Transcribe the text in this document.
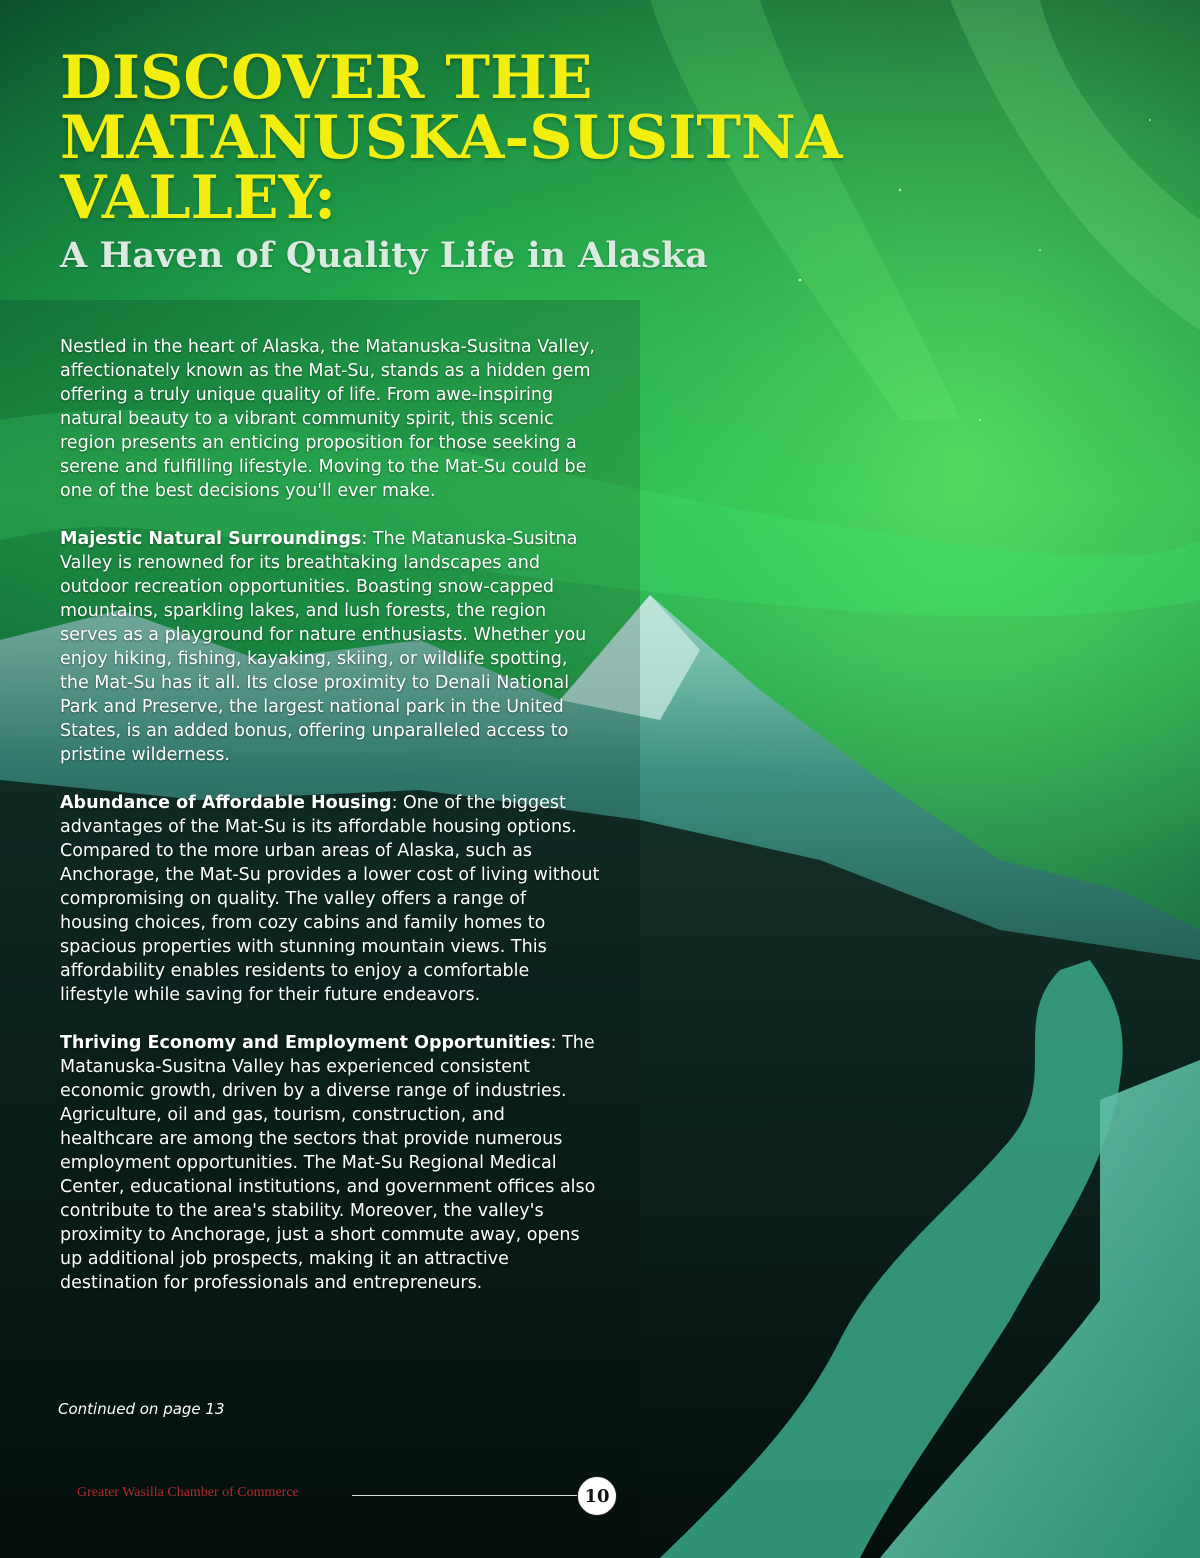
DISCOVER THE
MATANUSKA-SUSITNA
VALLEY:
A Haven of Quality Life in Alaska

Nestled in the heart of Alaska, the Matanuska-Susitna Valley, affectionately known as the Mat-Su, stands as a hidden gem offering a truly unique quality of life. From awe-inspiring natural beauty to a vibrant community spirit, this scenic region presents an enticing proposition for those seeking a serene and fulfilling lifestyle. Moving to the Mat-Su could be one of the best decisions you'll ever make.

Majestic Natural Surroundings: The Matanuska-Susitna Valley is renowned for its breathtaking landscapes and outdoor recreation opportunities. Boasting snow-capped mountains, sparkling lakes, and lush forests, the region serves as a playground for nature enthusiasts. Whether you enjoy hiking, fishing, kayaking, skiing, or wildlife spotting, the Mat-Su has it all. Its close proximity to Denali National Park and Preserve, the largest national park in the United States, is an added bonus, offering unparalleled access to pristine wilderness.

Abundance of Affordable Housing: One of the biggest advantages of the Mat-Su is its affordable housing options. Compared to the more urban areas of Alaska, such as Anchorage, the Mat-Su provides a lower cost of living without compromising on quality. The valley offers a range of housing choices, from cozy cabins and family homes to spacious properties with stunning mountain views. This affordability enables residents to enjoy a comfortable lifestyle while saving for their future endeavors.

Thriving Economy and Employment Opportunities: The Matanuska-Susitna Valley has experienced consistent economic growth, driven by a diverse range of industries. Agriculture, oil and gas, tourism, construction, and healthcare are among the sectors that provide numerous employment opportunities. The Mat-Su Regional Medical Center, educational institutions, and government offices also contribute to the area's stability. Moreover, the valley's proximity to Anchorage, just a short commute away, opens up additional job prospects, making it an attractive destination for professionals and entrepreneurs.

Continued on page 13
Greater Wasilla Chamber of Commerce	10
